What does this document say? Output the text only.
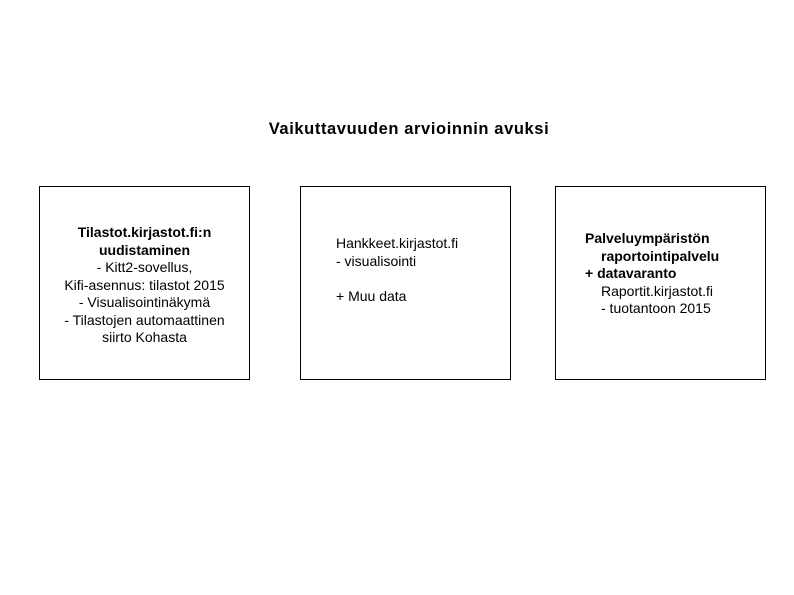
Vaikuttavuuden arvioinnin avuksi
Tilastot.kirjastot.fi:n
uudistaminen
- Kitt2-sovellus,
Kifi-asennus: tilastot 2015
- Visualisointinäkymä
- Tilastojen automaattinen
siirto Kohasta
Hankkeet.kirjastot.fi
- visualisointi
+ Muu data
Palveluympäristön
raportointipalvelu
+ datavaranto
Raportit.kirjastot.fi
- tuotantoon 2015
